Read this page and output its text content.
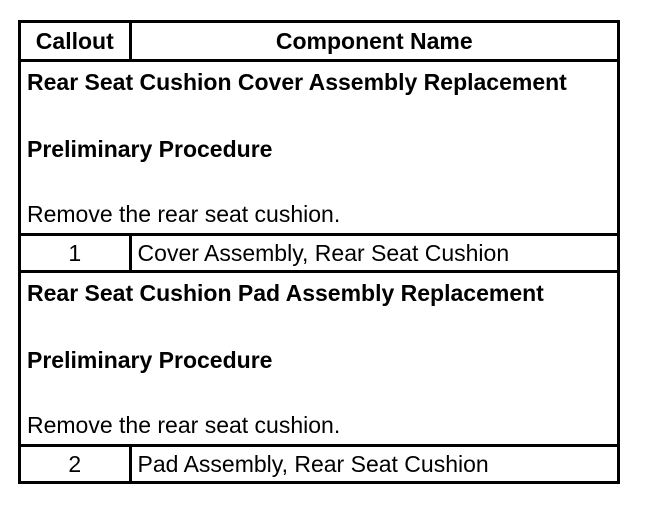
Callout	Component Name

Rear Seat Cushion Cover Assembly Replacement
Preliminary Procedure
Remove the rear seat cushion.	

1	Cover Assembly, Rear Seat Cushion

Rear Seat Cushion Pad Assembly Replacement
Preliminary Procedure
Remove the rear seat cushion.	

2	Pad Assembly, Rear Seat Cushion
